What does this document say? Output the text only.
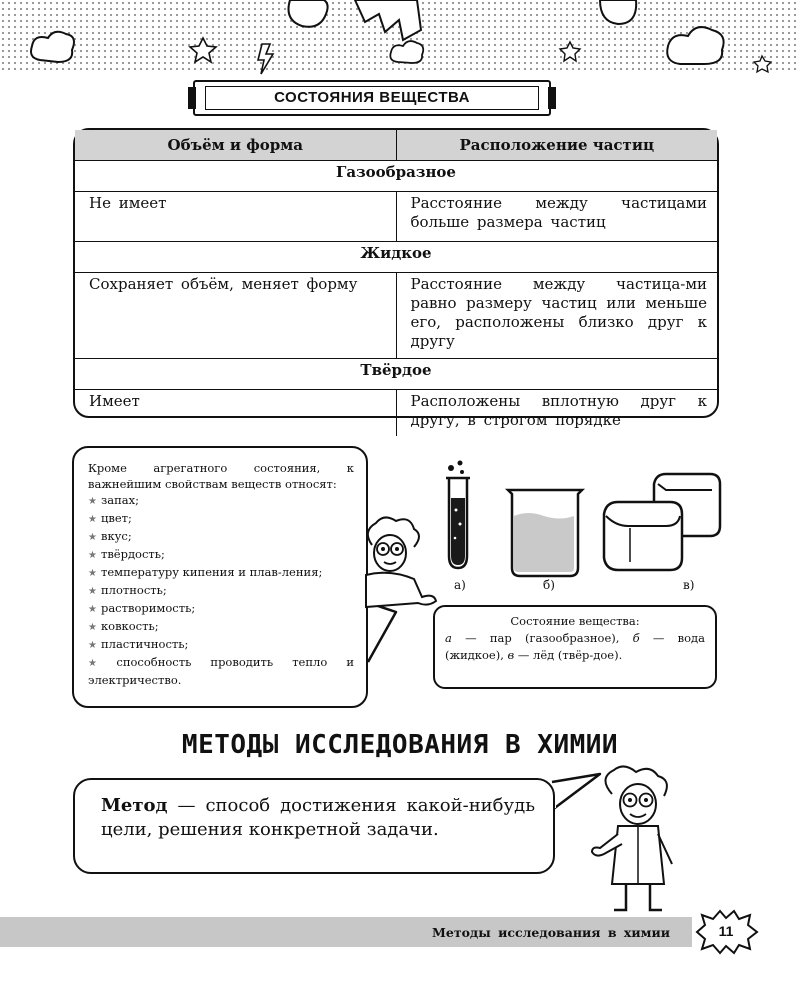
СОСТОЯНИЯ ВЕЩЕСТВА
Объём и форма	Расположение частиц
Газообразное	
Не имеет	Расстояние между частицами больше размера частиц
Жидкое	
Сохраняет объём, меняет форму	Расстояние между частица-ми равно размеру частиц или меньше его, расположены близко друг к другу
Твёрдое	
Имеет	Расположены вплотную друг к другу, в строгом порядке
Кроме агрегатного состояния, к важнейшим свойствам веществ относят:
★ запах;
★ цвет;
★ вкус;
★ твёрдость;
★ температуру кипения и плав-ления;
★ плотность;
★ растворимость;
★ ковкость;
★ пластичность;
★ способность проводить тепло и электричество.
а)	б)	в)
Состояние вещества:
а — пар (газообразное), б — вода (жидкое), в — лёд (твёр-дое).
МЕТОДЫ ИССЛЕДОВАНИЯ В ХИМИИ
Метод — способ достижения какой-нибудь цели, решения конкретной задачи.
Методы исследования в химии	11
